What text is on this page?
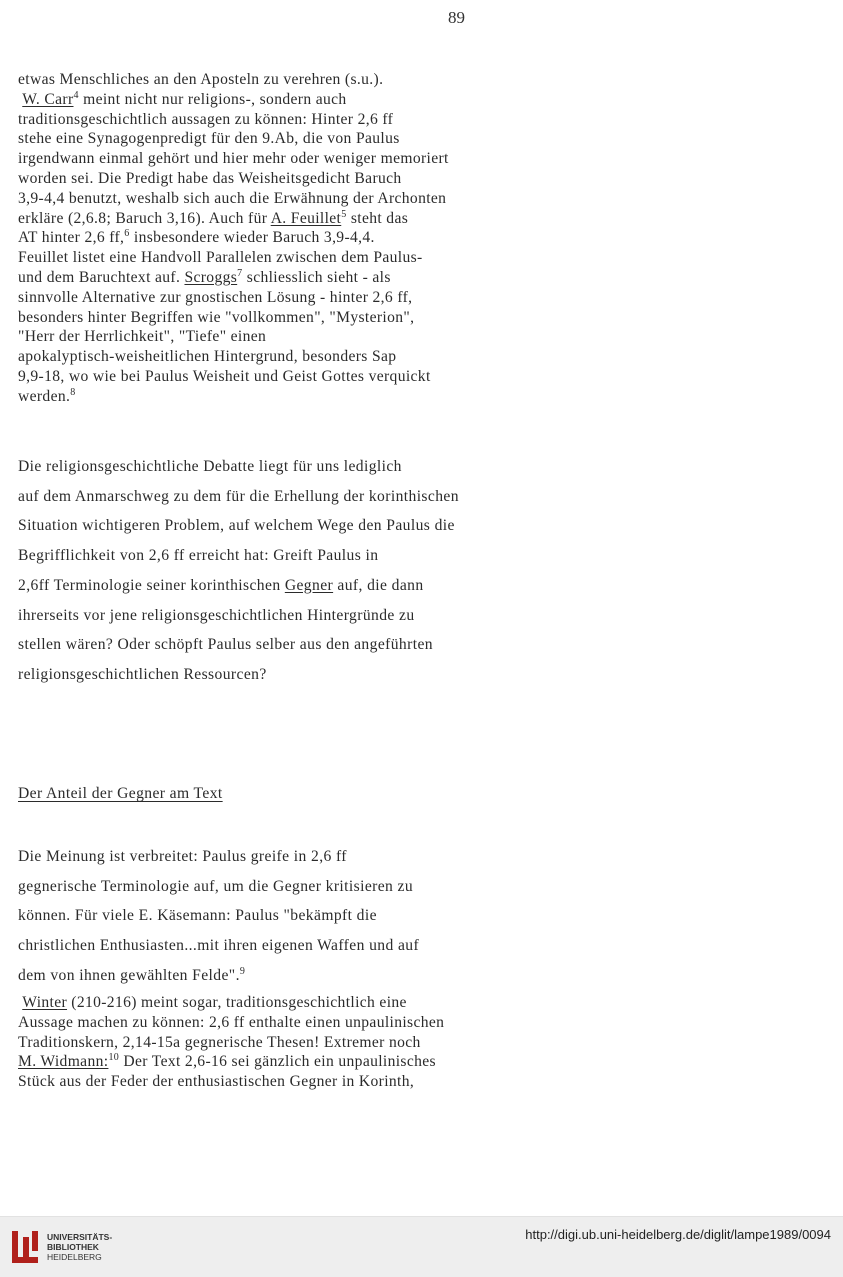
89
etwas Menschliches an den Aposteln zu verehren (s.u.).
W. Carr$^4$ meint nicht nur religions-, sondern auch
traditionsgeschichtlich aussagen zu können: Hinter 2,6 ff
stehe eine Synagogenpredigt für den 9.Ab, die von Paulus
irgendwann einmal gehört und hier mehr oder weniger memoriert
worden sei. Die Predigt habe das Weisheitsgedicht Baruch
3,9-4,4 benutzt, weshalb sich auch die Erwähnung der Archonten
erkläre (2,6.8; Baruch 3,16). Auch für A. Feuillet$^5$ steht das
AT hinter 2,6 ff,$^6$ insbesondere wieder Baruch 3,9-4,4.
Feuillet listet eine Handvoll Parallelen zwischen dem Paulus-
und dem Baruchtext auf. Scroggs$^7$ schliesslich sieht - als
sinnvolle Alternative zur gnostischen Lösung - hinter 2,6 ff,
besonders hinter Begriffen wie "vollkommen", "Mysterion",
"Herr der Herrlichkeit", "Tiefe" einen
apokalyptisch-weisheitlichen Hintergrund, besonders Sap
9,9-18, wo wie bei Paulus Weisheit und Geist Gottes verquickt
werden.$^8$
Die religionsgeschichtliche Debatte liegt für uns lediglich
auf dem Anmarschweg zu dem für die Erhellung der korinthischen
Situation wichtigeren Problem, auf welchem Wege den Paulus die
Begrifflichkeit von 2,6 ff erreicht hat: Greift Paulus in
2,6ff Terminologie seiner korinthischen Gegner auf, die dann
ihrerseits vor jene religionsgeschichtlichen Hintergründe zu
stellen wären? Oder schöpft Paulus selber aus den angeführten
religionsgeschichtlichen Ressourcen?
Der Anteil der Gegner am Text
Die Meinung ist verbreitet: Paulus greife in 2,6 ff
gegnerische Terminologie auf, um die Gegner kritisieren zu
können. Für viele E. Käsemann: Paulus "bekämpft die
christlichen Enthusiasten...mit ihren eigenen Waffen und auf
dem von ihnen gewählten Felde".$^9$
Winter (210-216) meint sogar, traditionsgeschichtlich eine
Aussage machen zu können: 2,6 ff enthalte einen unpaulinischen
Traditionskern, 2,14-15a gegnerische Thesen! Extremer noch
M. Widmann:$^{10}$ Der Text 2,6-16 sei gänzlich ein unpaulinisches
Stück aus der Feder der enthusiastischen Gegner in Korinth,
UNIVERSITÄTS-
BIBLIOTHEK
HEIDELBERG
http://digi.ub.uni-heidelberg.de/diglit/lampe1989/0094
